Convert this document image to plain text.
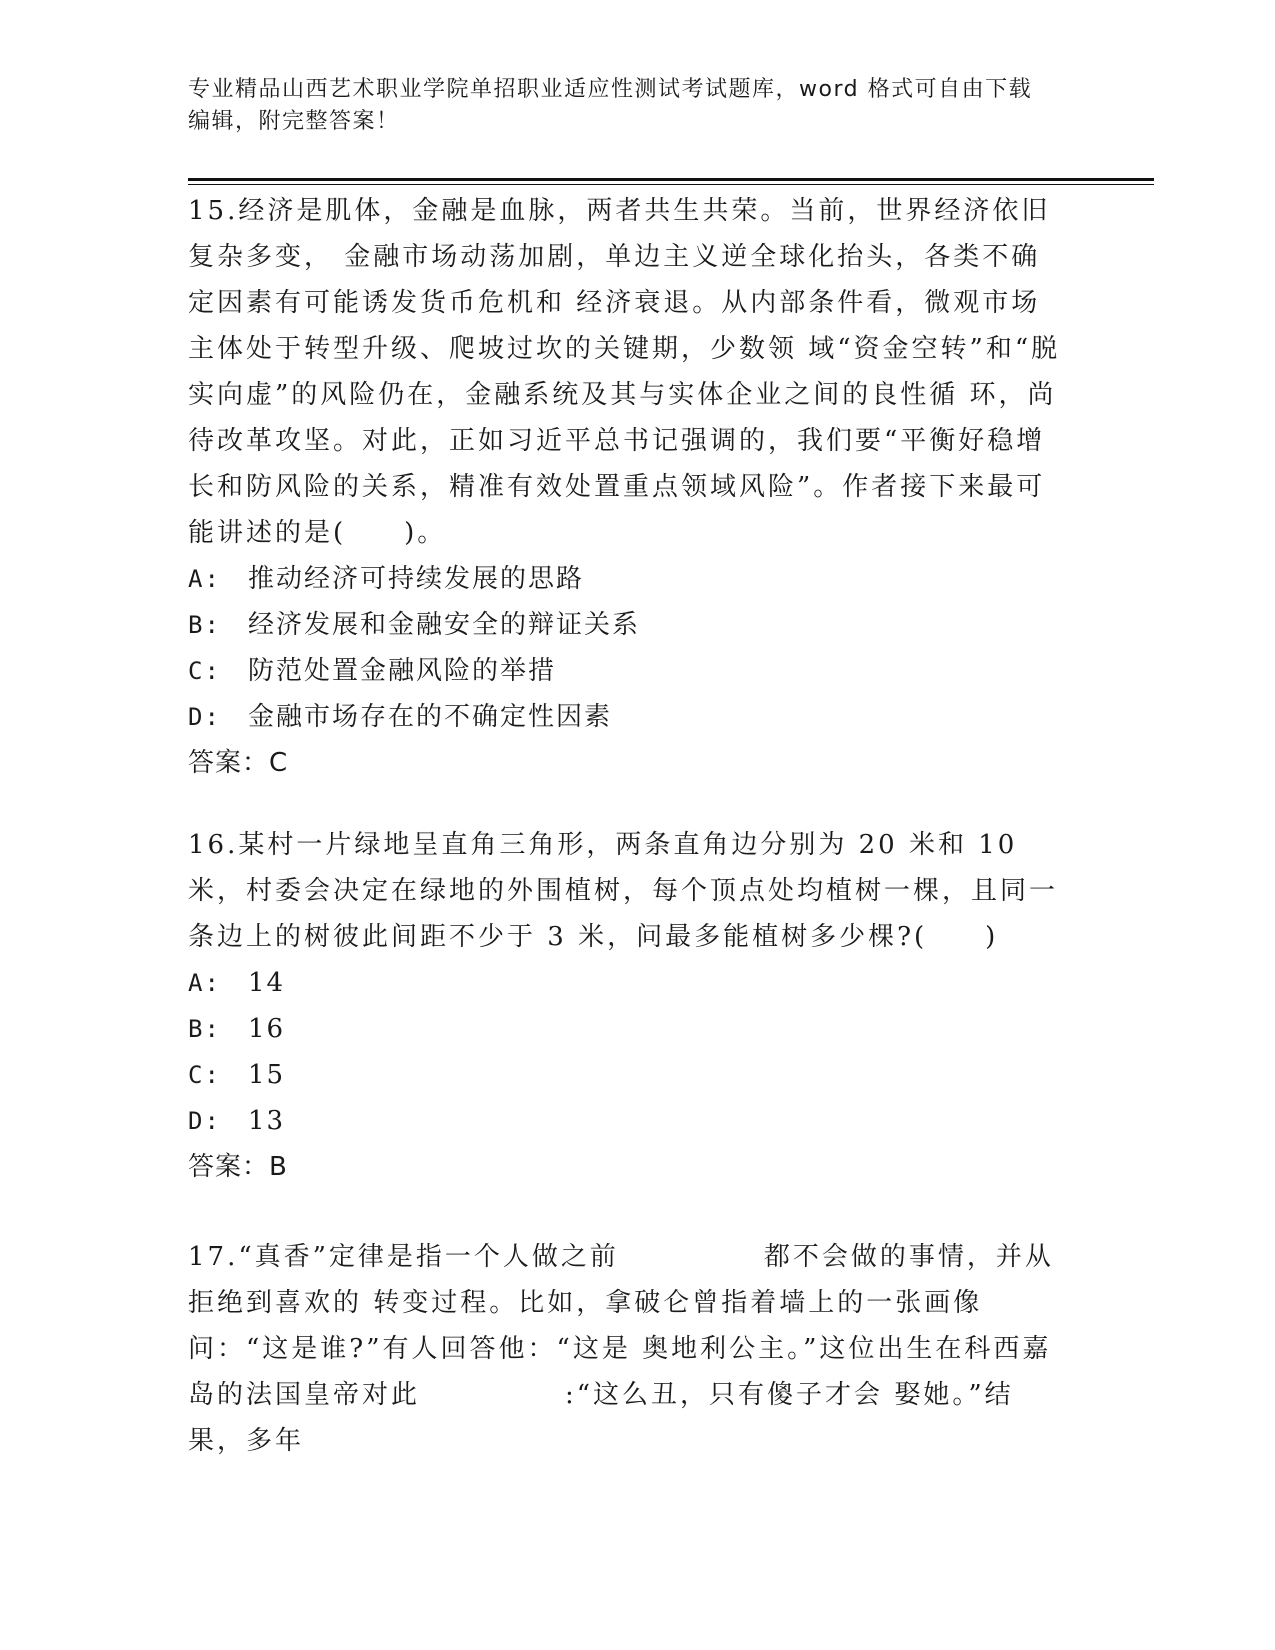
专业精品山西艺术职业学院单招职业适应性测试考试题库，word 格式可自由下载
编辑，附完整答案！

15.经济是肌体，金融是血脉，两者共生共荣。当前，世界经济依旧复杂多变， 金融市场动荡加剧，单边主义逆全球化抬头，各类不确定因素有可能诱发货币危机和 经济衰退。从内部条件看，微观市场主体处于转型升级、爬坡过坎的关键期，少数领 域“资金空转”和“脱实向虚”的风险仍在，金融系统及其与实体企业之间的良性循 环，尚待改革攻坚。对此，正如习近平总书记强调的，我们要“平衡好稳增长和防风险的关系，精准有效处置重点领域风险”。作者接下来最可能讲述的是(　　)。

A:	推动经济可持续发展的思路
B:	经济发展和金融安全的辩证关系
C:	防范处置金融风险的举措
D:	金融市场存在的不确定性因素
答案：C

16.某村一片绿地呈直角三角形，两条直角边分别为 20 米和 10 米，村委会决定在绿地的外围植树，每个顶点处均植树一棵，且同一条边上的树彼此间距不少于 3 米，问最多能植树多少棵?(　　)

A:	14
B:	16
C:	15
D:	13
答案：B

17.“真香”定律是指一个人做之前　　　　　都不会做的事情，并从拒绝到喜欢的 转变过程。比如，拿破仑曾指着墙上的一张画像问：“这是谁?”有人回答他：“这是 奥地利公主。”这位出生在科西嘉岛的法国皇帝对此　　　　　:“这么丑，只有傻子才会 娶她。”结果，多年
